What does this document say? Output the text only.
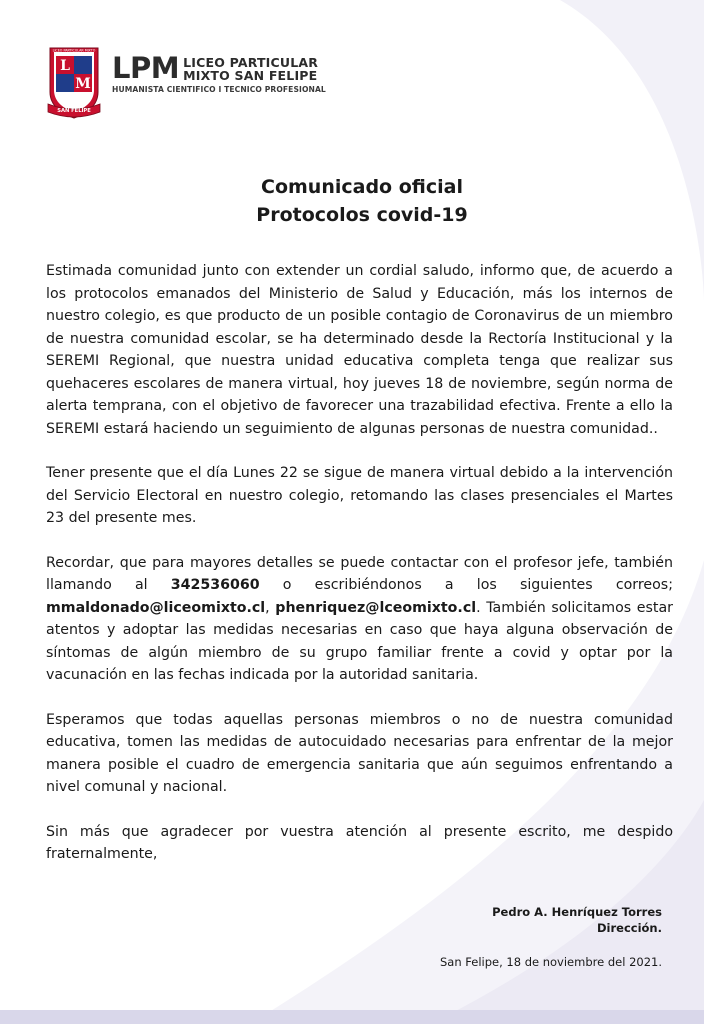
L
M
LICEO PARTICULAR MIXTO
SAN FELIPE
LPM LICEO PARTICULAR
MIXTO SAN FELIPE
HUMANISTA CIENTIFICO I TECNICO PROFESIONAL
Comunicado oficial
Protocolos covid-19

Estimada comunidad junto con extender un cordial saludo, informo que, de acuerdo a los protocolos emanados del Ministerio de Salud y Educación, más los internos de nuestro colegio, es que producto de un posible contagio de Coronavirus de un miembro de nuestra comunidad escolar, se ha determinado desde la Rectoría Institucional y la SEREMI Regional, que nuestra unidad educativa completa tenga que realizar sus quehaceres escolares de manera virtual, hoy jueves 18 de noviembre, según norma de alerta temprana, con el objetivo de favorecer una trazabilidad efectiva. Frente a ello la SEREMI estará haciendo un seguimiento de algunas personas de nuestra comunidad..

Tener presente que el día Lunes 22 se sigue de manera virtual debido a la intervención del Servicio Electoral en nuestro colegio, retomando las clases presenciales el Martes 23 del presente mes.

Recordar, que para mayores detalles se puede contactar con el profesor jefe, también llamando al 342536060 o escribiéndonos a los siguientes correos; mmaldonado@liceomixto.cl, phenriquez@lceomixto.cl. También solicitamos estar atentos y adoptar las medidas necesarias en caso que haya alguna observación de síntomas de algún miembro de su grupo familiar frente a covid y optar por la vacunación en las fechas indicada por la autoridad sanitaria.

Esperamos que todas aquellas personas miembros o no de nuestra comunidad educativa, tomen las medidas de autocuidado necesarias para enfrentar de la mejor manera posible el cuadro de emergencia sanitaria que aún seguimos enfrentando a nivel comunal y nacional.

Sin más que agradecer por vuestra atención al presente escrito, me despido fraternalmente,

Pedro A. Henríquez Torres
Dirección.
San Felipe, 18 de noviembre del 2021.
